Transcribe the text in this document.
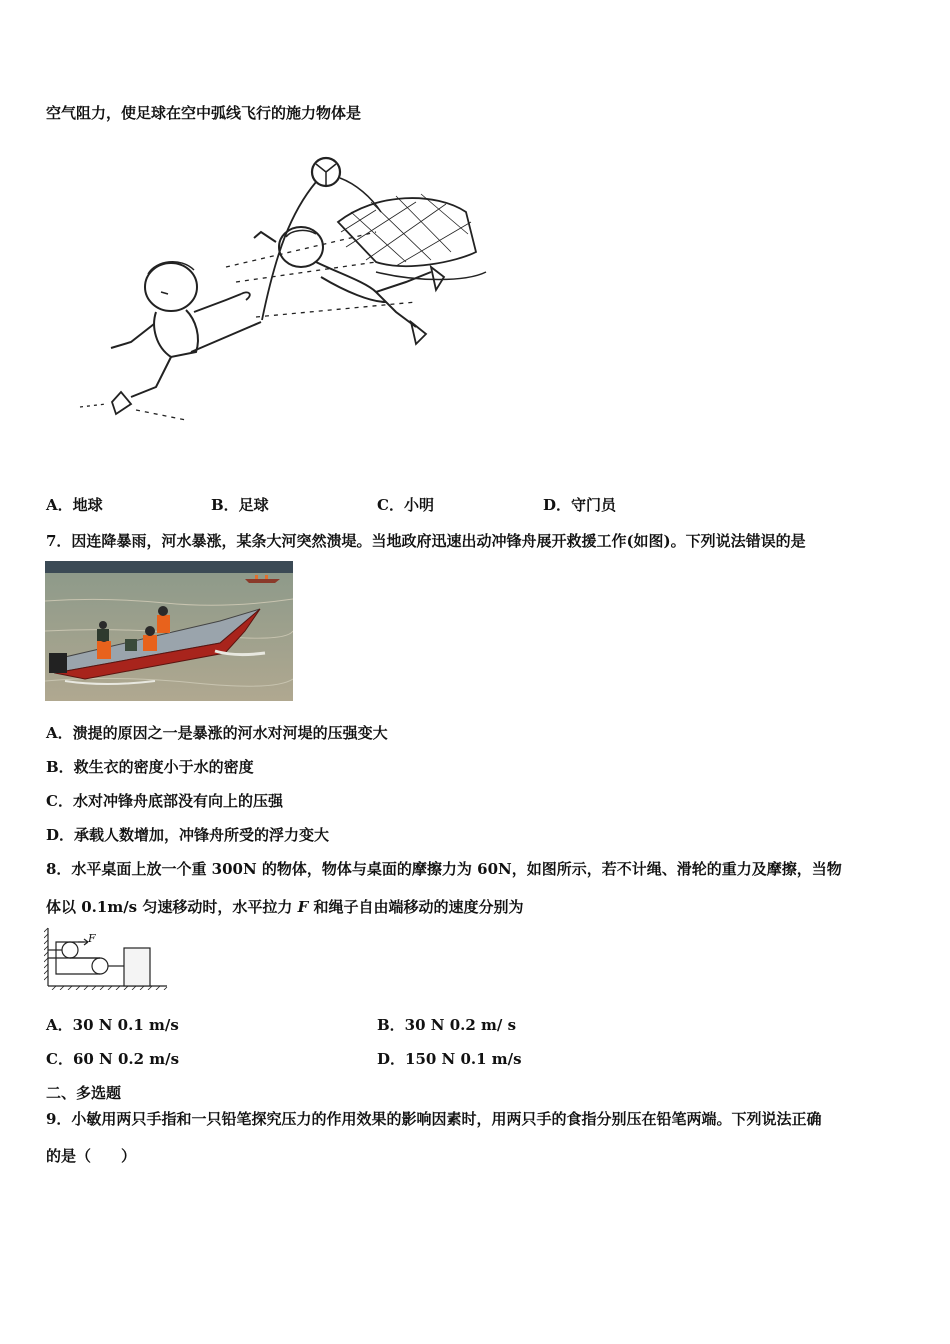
空气阻力，使足球在空中弧线飞行的施力物体是
A．地球	B．足球	C．小明	D．守门员
7．因连降暴雨，河水暴涨，某条大河突然溃堤。当地政府迅速出动冲锋舟展开救援工作(如图)。下列说法错误的是
A．溃提的原因之一是暴涨的河水对河堤的压强变大
B．救生衣的密度小于水的密度
C．水对冲锋舟底部没有向上的压强
D．承载人数增加，冲锋舟所受的浮力变大
8．水平桌面上放一个重 300N 的物体，物体与桌面的摩擦力为 60N，如图所示，若不计绳、滑轮的重力及摩擦，当物
体以 0.1m/s 匀速移动时，水平拉力 F 和绳子自由端移动的速度分别为
F
A．30 N 0.1 m/s	B．30 N 0.2 m/ s
C．60 N 0.2 m/s	D．150 N 0.1 m/s
二、多选题
9．小敏用两只手指和一只铅笔探究压力的作用效果的影响因素时，用两只手的食指分别压在铅笔两端。下列说法正确
的是（　　）
